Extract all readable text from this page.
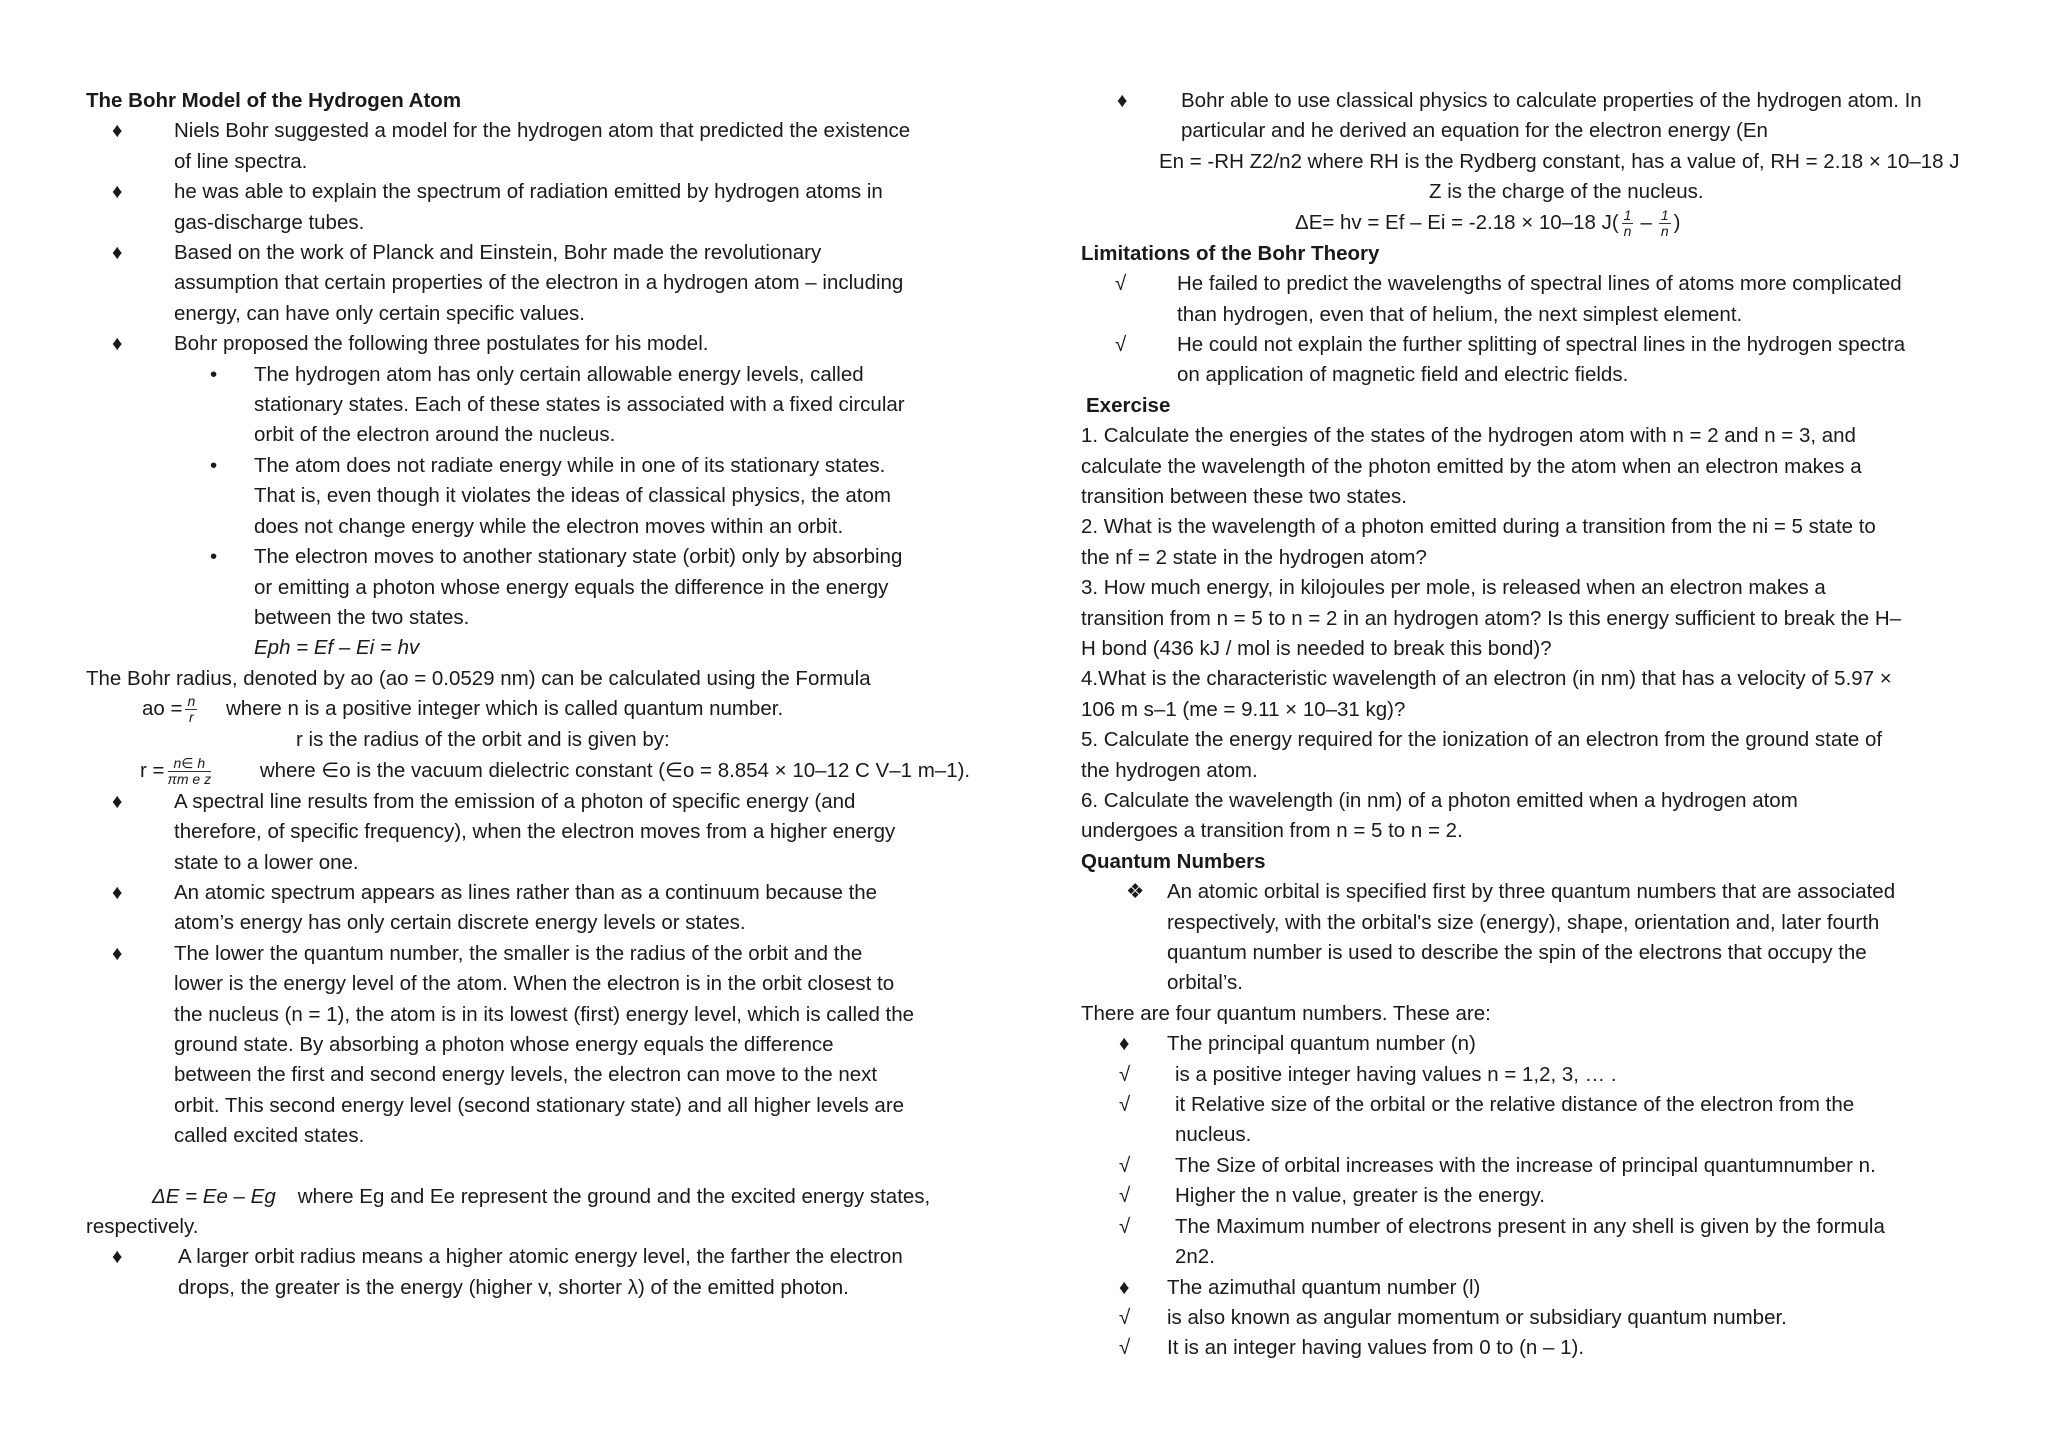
The Bohr Model of the Hydrogen Atom
♦	Niels Bohr suggested a model for the hydrogen atom that predicted the existence
of line spectra.
♦	he was able to explain the spectrum of radiation emitted by hydrogen atoms in
gas-discharge tubes.
♦	Based on the work of Planck and Einstein, Bohr made the revolutionary
assumption that certain properties of the electron in a hydrogen atom – including
energy, can have only certain specific values.
♦	Bohr proposed the following three postulates for his model.
• The hydrogen atom has only certain allowable energy levels, called
stationary states. Each of these states is associated with a fixed circular
orbit of the electron around the nucleus.
• The atom does not radiate energy while in one of its stationary states.
That is, even though it violates the ideas of classical physics, the atom
does not change energy while the electron moves within an orbit.
• The electron moves to another stationary state (orbit) only by absorbing
or emitting a photon whose energy equals the difference in the energy
between the two states.
Eph = Ef – Ei = hv
The Bohr radius, denoted by ao (ao = 0.0529 nm) can be calculated using the Formula
ao = $\frac{n}{r}$ where n is a positive integer which is called quantum number.
r is the radius of the orbit and is given by:
$r = \frac{n\in h}{\text{πm e z}}$ where ∈o is the vacuum dielectric constant (∈o = 8.854 × 10–12 C V–1 m–1).
♦	A spectral line results from the emission of a photon of specific energy (and
therefore, of specific frequency), when the electron moves from a higher energy
state to a lower one.
♦	An atomic spectrum appears as lines rather than as a continuum because the
atom’s energy has only certain discrete energy levels or states.
♦	The lower the quantum number, the smaller is the radius of the orbit and the
lower is the energy level of the atom. When the electron is in the orbit closest to
the nucleus (n = 1), the atom is in its lowest (first) energy level, which is called the
ground state. By absorbing a photon whose energy equals the difference
between the first and second energy levels, the electron can move to the next
orbit. This second energy level (second stationary state) and all higher levels are
called excited states.
ΔE = Ee – Eg where Eg and Ee represent the ground and the excited energy states,
respectively.
♦	A larger orbit radius means a higher atomic energy level, the farther the electron
drops, the greater is the energy (higher v, shorter λ) of the emitted photon.
♦	Bohr able to use classical physics to calculate properties of the hydrogen atom. In
particular and he derived an equation for the electron energy (En
En = -RH Z2/n2 where RH is the Rydberg constant, has a value of, RH = 2.18 × 10–18 J
Z is the charge of the nucleus.
ΔE= hv = Ef – Ei = -2.18 × 10–18 $J( \frac{1}{n} - \frac{1}{n}$ )
Limitations of the Bohr Theory
√ He failed to predict the wavelengths of spectral lines of atoms more complicated
than hydrogen, even that of helium, the next simplest element.
√ He could not explain the further splitting of spectral lines in the hydrogen spectra
on application of magnetic field and electric fields.
Exercise
1. Calculate the energies of the states of the hydrogen atom with n = 2 and n = 3, and
calculate the wavelength of the photon emitted by the atom when an electron makes a
transition between these two states.
2. What is the wavelength of a photon emitted during a transition from the ni = 5 state to
the nf = 2 state in the hydrogen atom?
3. How much energy, in kilojoules per mole, is released when an electron makes a
transition from n = 5 to n = 2 in an hydrogen atom? Is this energy sufficient to break the H–
H bond (436 kJ / mol is needed to break this bond)?
4.What is the characteristic wavelength of an electron (in nm) that has a velocity of 5.97 ×
106 m s–1 (me = 9.11 × 10–31 kg)?
5. Calculate the energy required for the ionization of an electron from the ground state of
the hydrogen atom.
6. Calculate the wavelength (in nm) of a photon emitted when a hydrogen atom
undergoes a transition from n = 5 to n = 2.
Quantum Numbers
❖ An atomic orbital is specified first by three quantum numbers that are associated
respectively, with the orbital's size (energy), shape, orientation and, later fourth
quantum number is used to describe the spin of the electrons that occupy the
orbital’s.
There are four quantum numbers. These are:
♦ The principal quantum number (n)
√ is a positive integer having values n = 1,2, 3, … .
√ it Relative size of the orbital or the relative distance of the electron from the
nucleus.
√ The Size of orbital increases with the increase of principal quantumnumber n.
√ Higher the n value, greater is the energy.
√ The Maximum number of electrons present in any shell is given by the formula
2n2.
♦ The azimuthal quantum number (l)
√ is also known as angular momentum or subsidiary quantum number.
√ It is an integer having values from 0 to (n – 1).
